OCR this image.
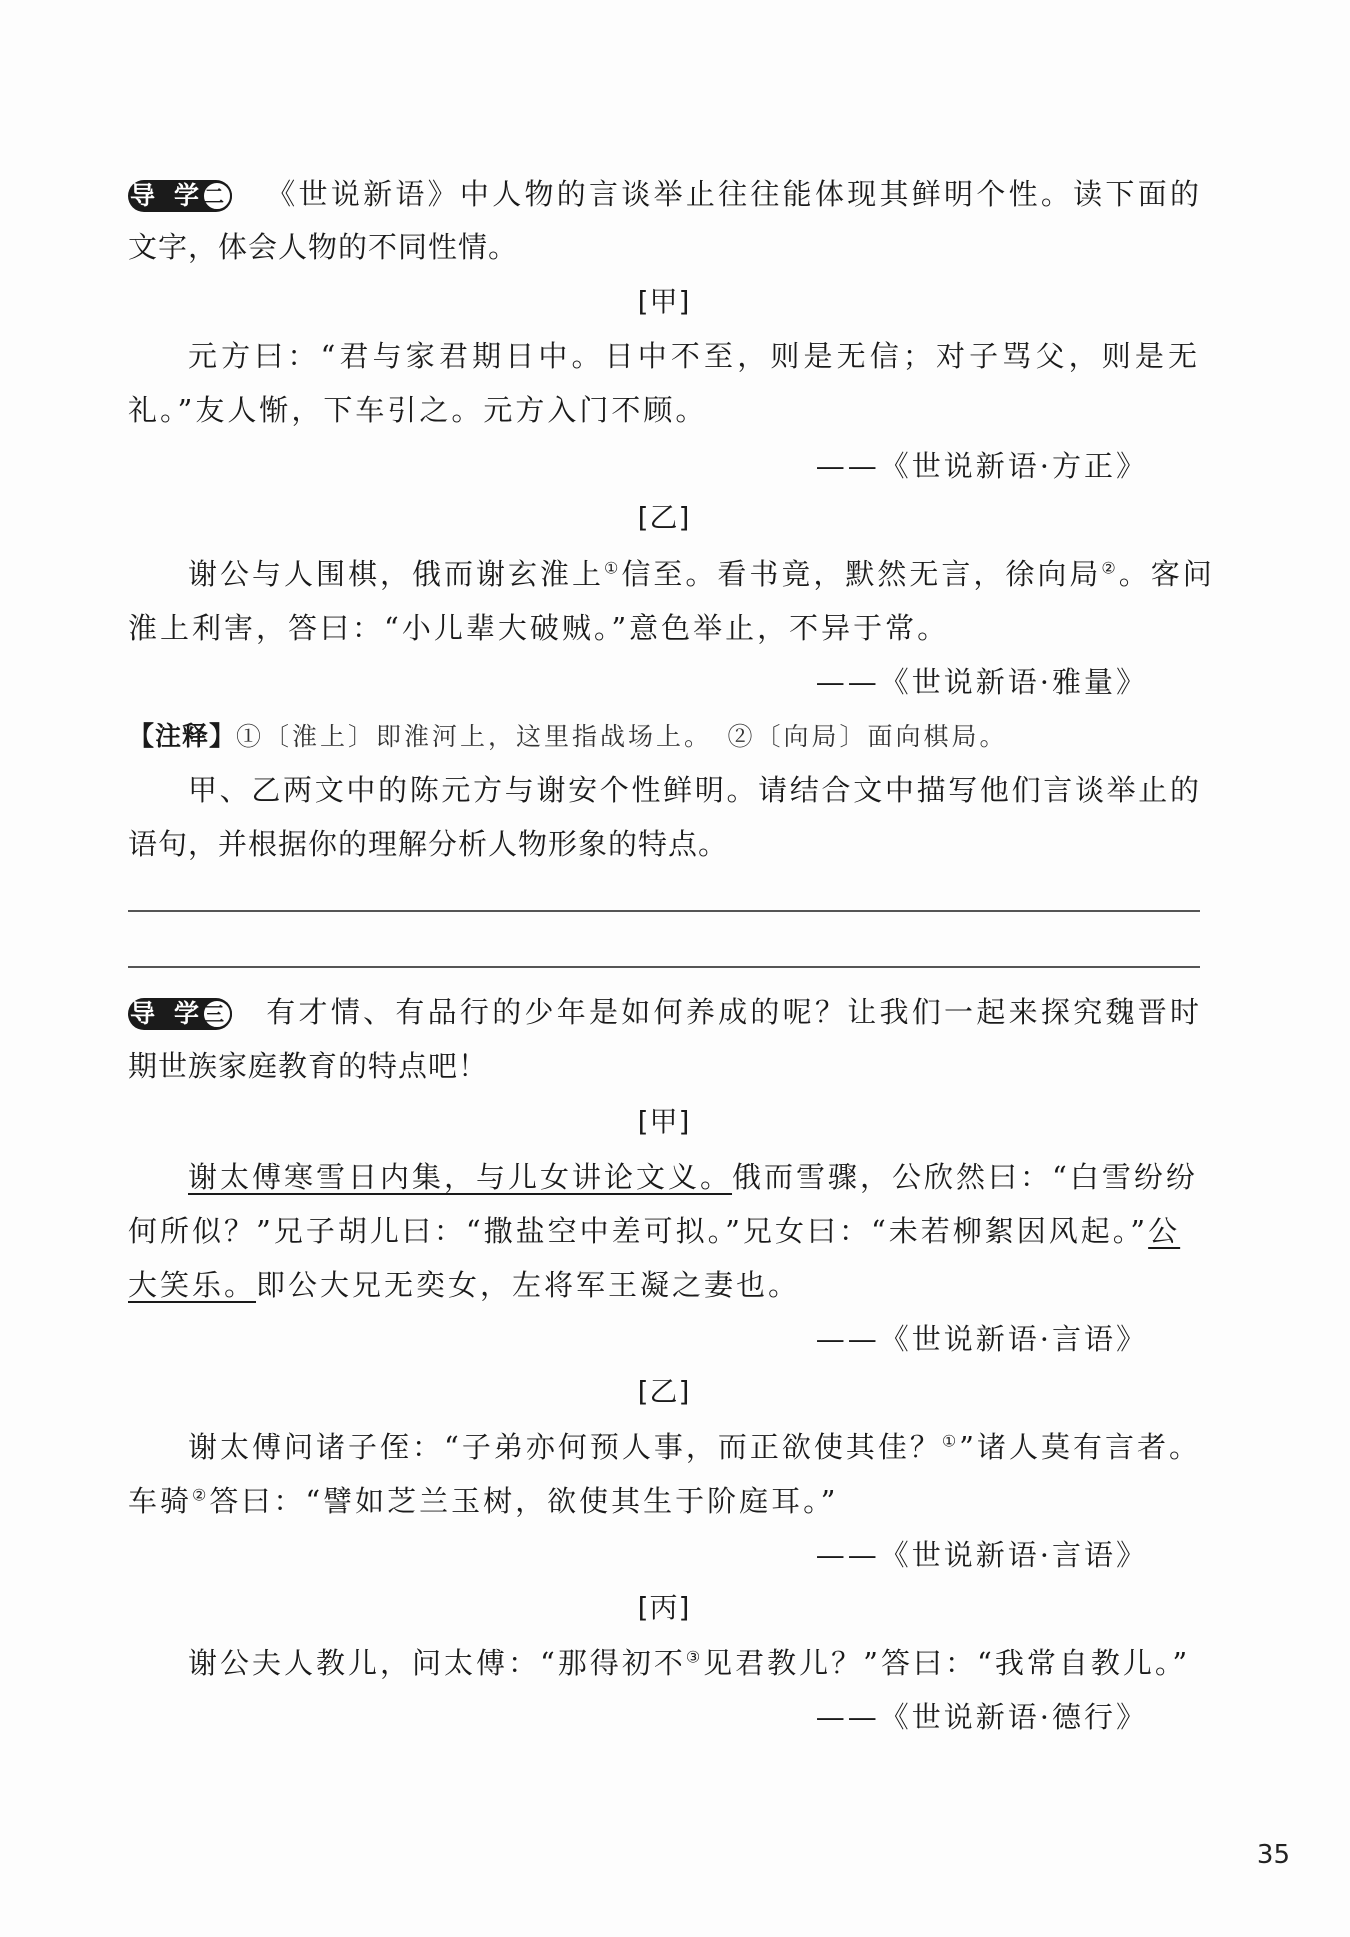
导学 二 《世说新语》中人物的言谈举止往往能体现其鲜明个性。读下面的
文字，体会人物的不同性情。
[甲]
元方曰：“君与家君期日中。日中不至，则是无信；对子骂父，则是无
礼。”友人惭，下车引之。元方入门不顾。
——《世说新语·方正》
[乙]
谢公与人围棋，俄而谢玄淮上①信至。看书竟，默然无言，徐向局②。客问
淮上利害，答曰：“小儿辈大破贼。”意色举止，不异于常。
——《世说新语·雅量》
【注释】①〔淮上〕即淮河上，这里指战场上。　②〔向局〕面向棋局。
甲、乙两文中的陈元方与谢安个性鲜明。请结合文中描写他们言谈举止的
语句，并根据你的理解分析人物形象的特点。
导学 三 有才情、有品行的少年是如何养成的呢？让我们一起来探究魏晋时
期世族家庭教育的特点吧！
[甲]
谢太傅寒雪日内集，与儿女讲论文义。俄而雪骤，公欣然曰：“白雪纷纷
何所似？”兄子胡儿曰：“撒盐空中差可拟。”兄女曰：“未若柳絮因风起。”公
大笑乐。即公大兄无奕女，左将军王凝之妻也。
——《世说新语·言语》
[乙]
谢太傅问诸子侄：“子弟亦何预人事，而正欲使其佳？①”诸人莫有言者。
车骑②答曰：“譬如芝兰玉树，欲使其生于阶庭耳。”
——《世说新语·言语》
[丙]
谢公夫人教儿，问太傅：“那得初不③见君教儿？”答曰：“我常自教儿。”
——《世说新语·德行》
35
